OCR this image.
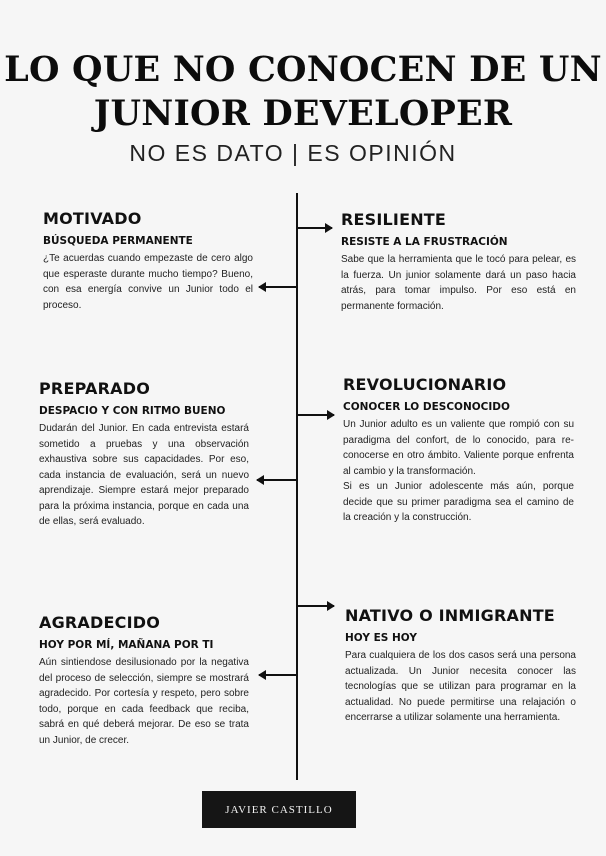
LO QUE NO CONOCEN DE UN JUNIOR DEVELOPER
NO ES DATO | ES OPINIÓN
MOTIVADO
BÚSQUEDA PERMANENTE

¿Te acuerdas cuando empezaste de cero algo que esperaste durante mucho tiempo? Bueno, con esa energía convive un Junior todo el proceso.

RESILIENTE
RESISTE A LA FRUSTRACIÓN

Sabe que la herramienta que le tocó para pelear, es la fuerza. Un junior solamente dará un paso hacia atrás, para tomar impulso. Por eso está en permanente formación.

PREPARADO
DESPACIO Y CON RITMO BUENO

Dudarán del Junior. En cada entrevista estará sometido a pruebas y una observación exhaustiva sobre sus capacidades. Por eso, cada instancia de evaluación, será un nuevo aprendizaje. Siempre estará mejor preparado para la próxima instancia, porque en cada una de ellas, será evaluado.

REVOLUCIONARIO
CONOCER LO DESCONOCIDO

Un Junior adulto es un valiente que rompió con su paradigma del confort, de lo conocido, para re-conocerse en otro ámbito. Valiente porque enfrenta al cambio y la transformación.

Si es un Junior adolescente más aún, porque decide que su primer paradigma sea el camino de la creación y la construcción.

AGRADECIDO
HOY POR MÍ, MAÑANA POR TI

Aún sintiendose desilusionado por la negativa del proceso de selección, siempre se mostrará agradecido. Por cortesía y respeto, pero sobre todo, porque en cada feedback que reciba, sabrá en qué deberá mejorar. De eso se trata un Junior, de crecer.

NATIVO O INMIGRANTE
HOY ES HOY

Para cualquiera de los dos casos será una persona actualizada. Un Junior necesita conocer las tecnologías que se utilizan para programar en la actualidad. No puede permitirse una relajación o encerrarse a utilizar solamente una herramienta.

JAVIER CASTILLO
